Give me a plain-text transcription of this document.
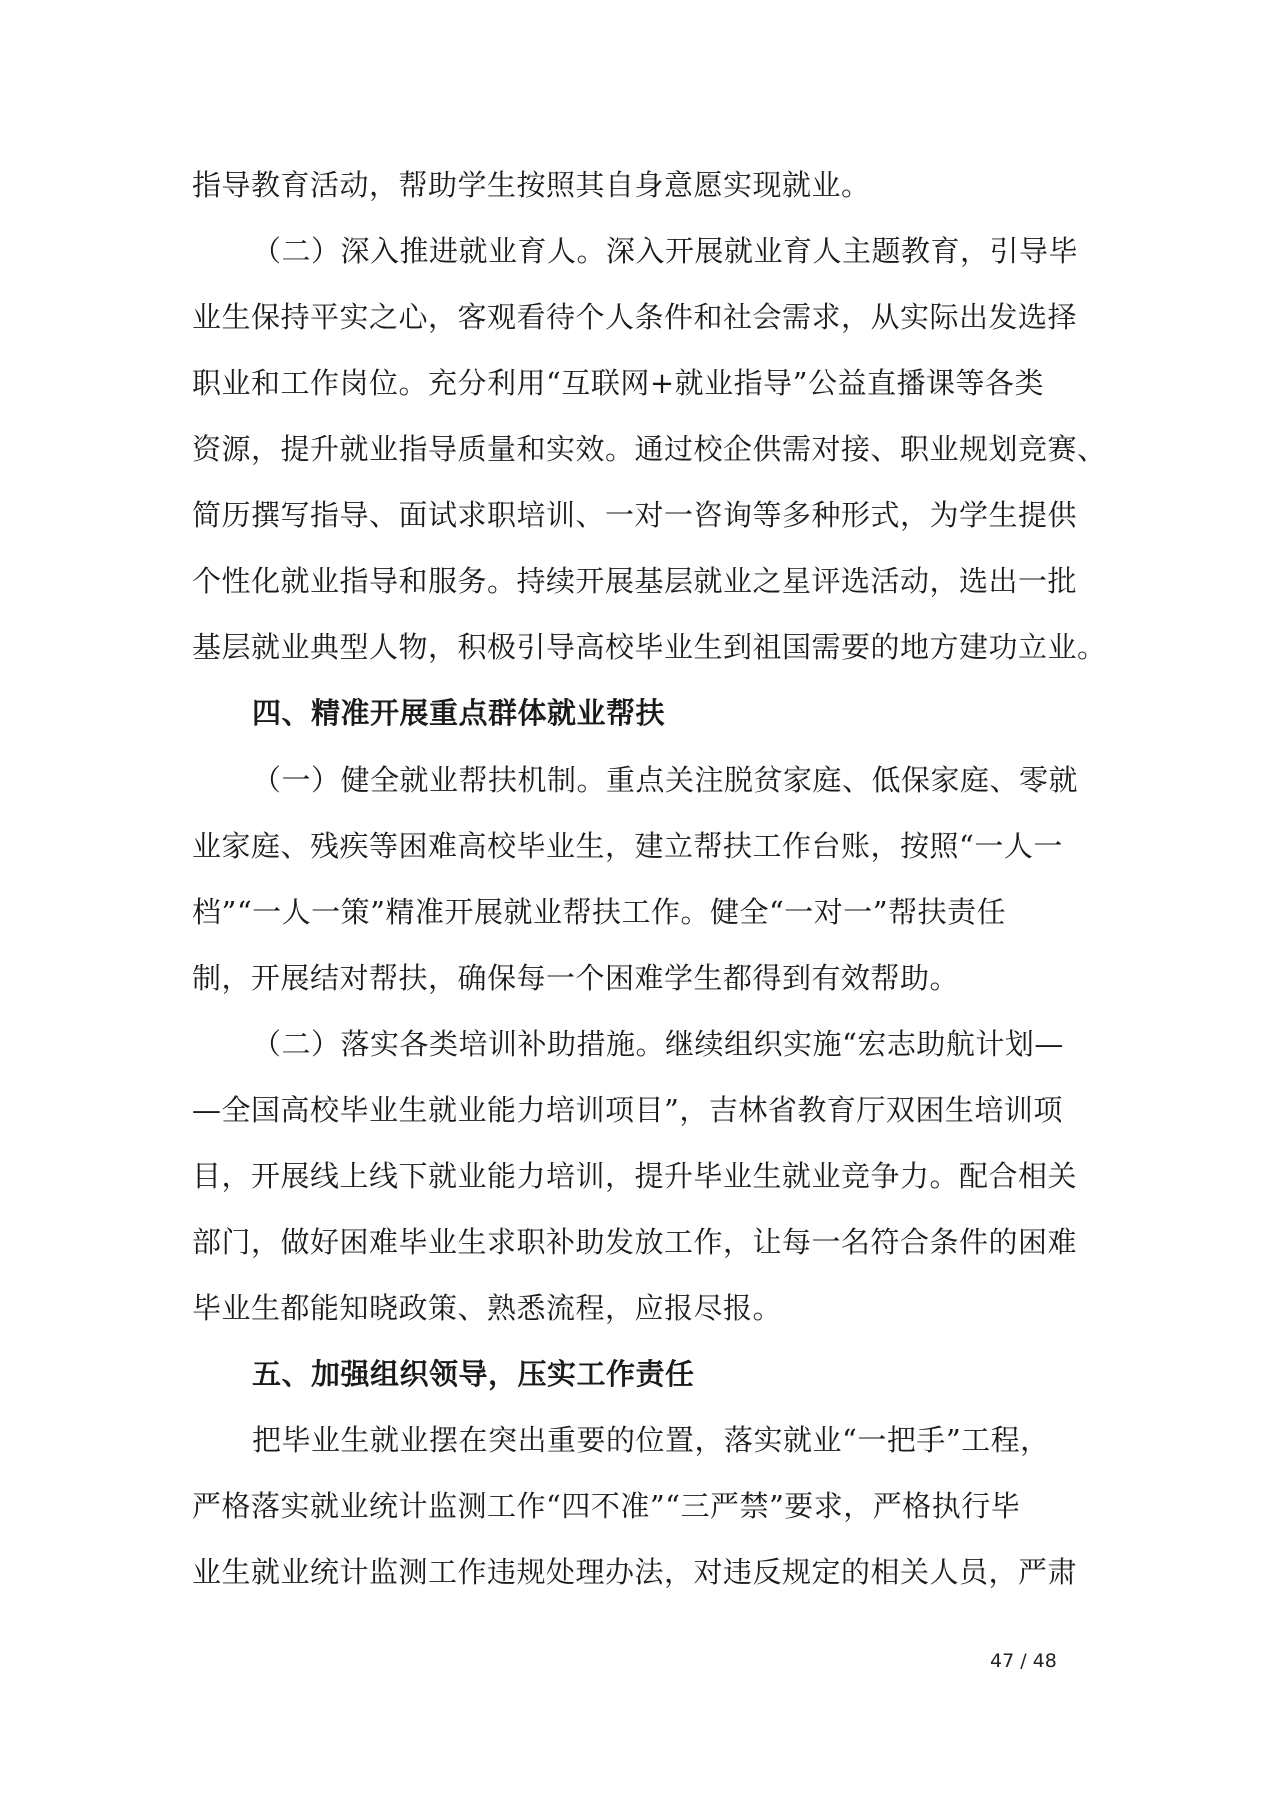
指导教育活动，帮助学生按照其自身意愿实现就业。
（二）深入推进就业育人。深入开展就业育人主题教育，引导毕
业生保持平实之心，客观看待个人条件和社会需求，从实际出发选择
职业和工作岗位。充分利用“互联网+就业指导”公益直播课等各类
资源，提升就业指导质量和实效。通过校企供需对接、职业规划竞赛、
简历撰写指导、面试求职培训、一对一咨询等多种形式，为学生提供
个性化就业指导和服务。持续开展基层就业之星评选活动，选出一批
基层就业典型人物，积极引导高校毕业生到祖国需要的地方建功立业。
四、精准开展重点群体就业帮扶
（一）健全就业帮扶机制。重点关注脱贫家庭、低保家庭、零就
业家庭、残疾等困难高校毕业生，建立帮扶工作台账，按照“一人一
档”“一人一策”精准开展就业帮扶工作。健全“一对一”帮扶责任
制，开展结对帮扶，确保每一个困难学生都得到有效帮助。
（二）落实各类培训补助措施。继续组织实施“宏志助航计划—
—全国高校毕业生就业能力培训项目”，吉林省教育厅双困生培训项
目，开展线上线下就业能力培训，提升毕业生就业竞争力。配合相关
部门，做好困难毕业生求职补助发放工作，让每一名符合条件的困难
毕业生都能知晓政策、熟悉流程，应报尽报。
五、加强组织领导，压实工作责任
把毕业生就业摆在突出重要的位置，落实就业“一把手”工程，
严格落实就业统计监测工作“四不准”“三严禁”要求，严格执行毕
业生就业统计监测工作违规处理办法，对违反规定的相关人员，严肃
47 / 48
